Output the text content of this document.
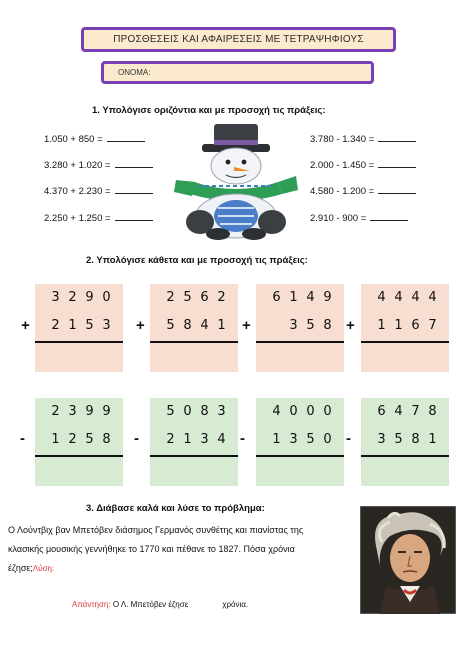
ΠΡΟΣΘΕΣΕΙΣ ΚΑΙ ΑΦΑΙΡΕΣΕΙΣ ΜΕ ΤΕΤΡΑΨΗΦΙΟΥΣ
ΟΝΟΜΑ:
1. Υπολόγισε οριζόντια και με προσοχή τις πράξεις:
1.050 + 850 =
3.280 + 1.020 =
4.370 + 2.230 =
2.250 + 1.250 =
3.780 - 1.340 =
2.000 - 1.450 =
4.580 - 1.200 =
2.910 - 900 =
2. Υπολόγισε κάθετα και με προσοχή τις πράξεις:
3 2 9 0
2 1 5 3
+
2 5 6 2
5 8 4 1
+
6 1 4 9
3 5 8
+
4 4 4 4
1 1 6 7
+
2 3 9 9
1 2 5 8
-
5 0 8 3
2 1 3 4
-
4 0 0 0
1 3 5 0
-
6 4 7 8
3 5 8 1
-
3. Διάβασε καλά και λύσε το πρόβλημα:
Ο Λούντβιχ βαν Μπετόβεν διάσημος Γερμανός συνθέτης και πιανίστας της
κλασικής μουσικής γεννήθηκε το 1770 και πέθανε το 1827. Πόσα χρόνια
έζησε;Λύση:
Απάντηση: Ο Λ. Μπετόβεν έζησε	χρόνια.
